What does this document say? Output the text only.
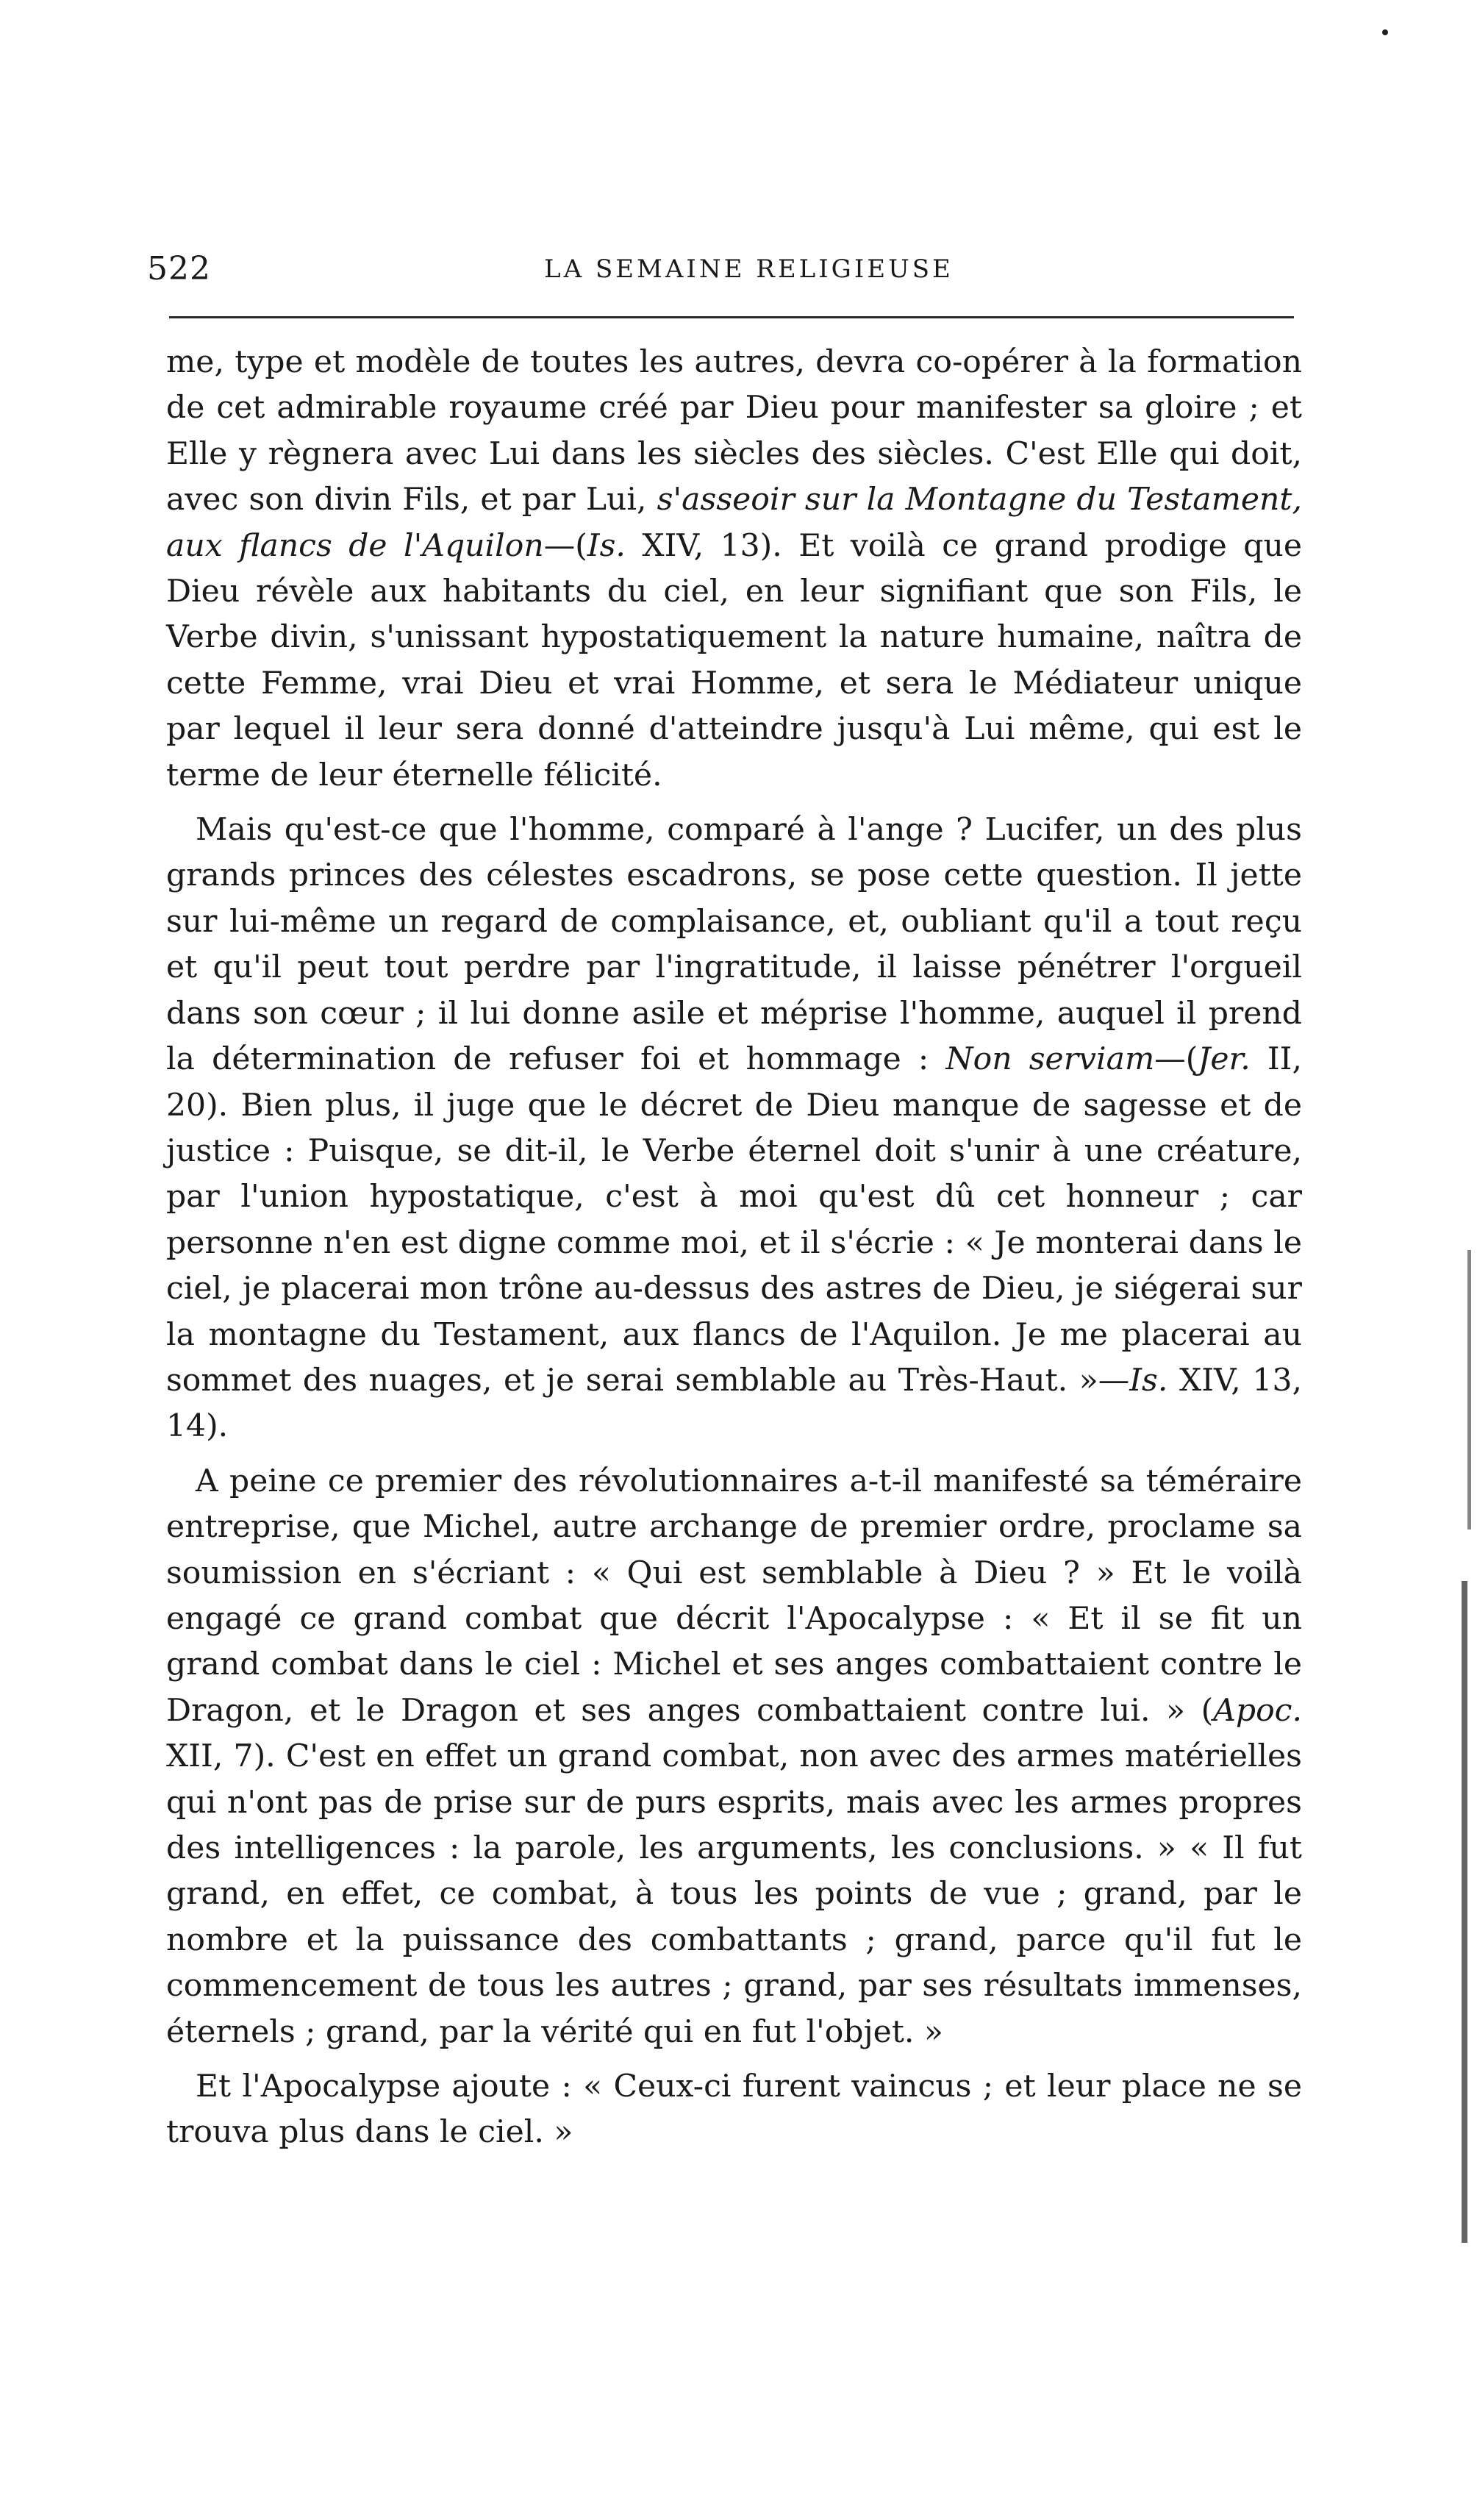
522	LA SEMAINE RELIGIEUSE

me, type et modèle de toutes les autres, devra co-opérer à la formation de cet admirable royaume créé par Dieu pour manifester sa gloire ; et Elle y règnera avec Lui dans les siècles des siècles. C'est Elle qui doit, avec son divin Fils, et par Lui, s'asseoir sur la Montagne du Testament, aux flancs de l'Aquilon—(Is. XIV, 13). Et voilà ce grand prodige que Dieu révèle aux habitants du ciel, en leur signifiant que son Fils, le Verbe divin, s'unissant hypostatiquement la nature humaine, naîtra de cette Femme, vrai Dieu et vrai Homme, et sera le Médiateur unique par lequel il leur sera donné d'atteindre jusqu'à Lui même, qui est le terme de leur éternelle félicité.

Mais qu'est-ce que l'homme, comparé à l'ange ? Lucifer, un des plus grands princes des célestes escadrons, se pose cette question. Il jette sur lui-même un regard de complaisance, et, oubliant qu'il a tout reçu et qu'il peut tout perdre par l'ingratitude, il laisse pénétrer l'orgueil dans son cœur ; il lui donne asile et méprise l'homme, auquel il prend la détermination de refuser foi et hommage : Non serviam—(Jer. II, 20). Bien plus, il juge que le décret de Dieu manque de sagesse et de justice : Puisque, se dit-il, le Verbe éternel doit s'unir à une créature, par l'union hypostatique, c'est à moi qu'est dû cet honneur ; car personne n'en est digne comme moi, et il s'écrie : « Je monterai dans le ciel, je placerai mon trône au-dessus des astres de Dieu, je siégerai sur la montagne du Testament, aux flancs de l'Aquilon. Je me placerai au sommet des nuages, et je serai semblable au Très-Haut. »—Is. XIV, 13, 14).

A peine ce premier des révolutionnaires a-t-il manifesté sa téméraire entreprise, que Michel, autre archange de premier ordre, proclame sa soumission en s'écriant : « Qui est semblable à Dieu ? » Et le voilà engagé ce grand combat que décrit l'Apocalypse : « Et il se fit un grand combat dans le ciel : Michel et ses anges combattaient contre le Dragon, et le Dragon et ses anges combattaient contre lui. » (Apoc. XII, 7). C'est en effet un grand combat, non avec des armes matérielles qui n'ont pas de prise sur de purs esprits, mais avec les armes propres des intelligences : la parole, les arguments, les conclusions. » « Il fut grand, en effet, ce combat, à tous les points de vue ; grand, par le nombre et la puissance des combattants ; grand, parce qu'il fut le commencement de tous les autres ; grand, par ses résultats immenses, éternels ; grand, par la vérité qui en fut l'objet. »

Et l'Apocalypse ajoute : « Ceux-ci furent vaincus ; et leur place ne se trouva plus dans le ciel. »
